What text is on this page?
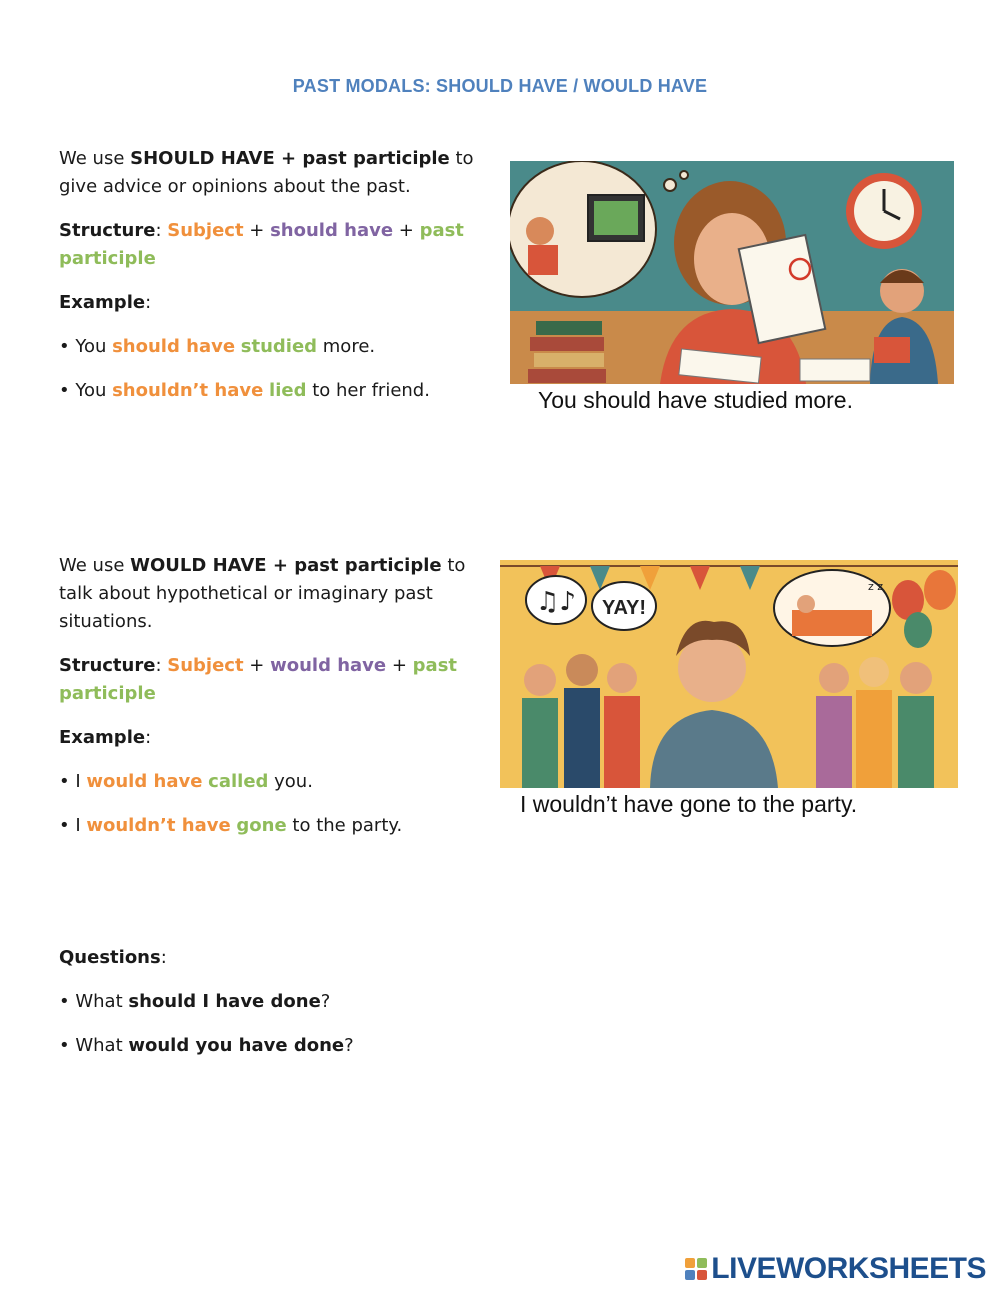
PAST MODALS: SHOULD HAVE / WOULD HAVE

We use SHOULD HAVE + past participle to give advice or opinions about the past.

Structure: Subject + should have + past participle

Example:

• You should have studied more.

• You shouldn’t have lied to her friend.	You should have studied more.

We use WOULD HAVE + past participle to talk about hypothetical or imaginary past situations.

Structure: Subject + would have + past participle

Example:

• I would have called you.

• I wouldn’t have gone to the party.

♫♪ YAY!
z z
I wouldn’t have gone to the party.

Questions:

• What should I have done?

• What would you have done?

LIVEWORKSHEETS
